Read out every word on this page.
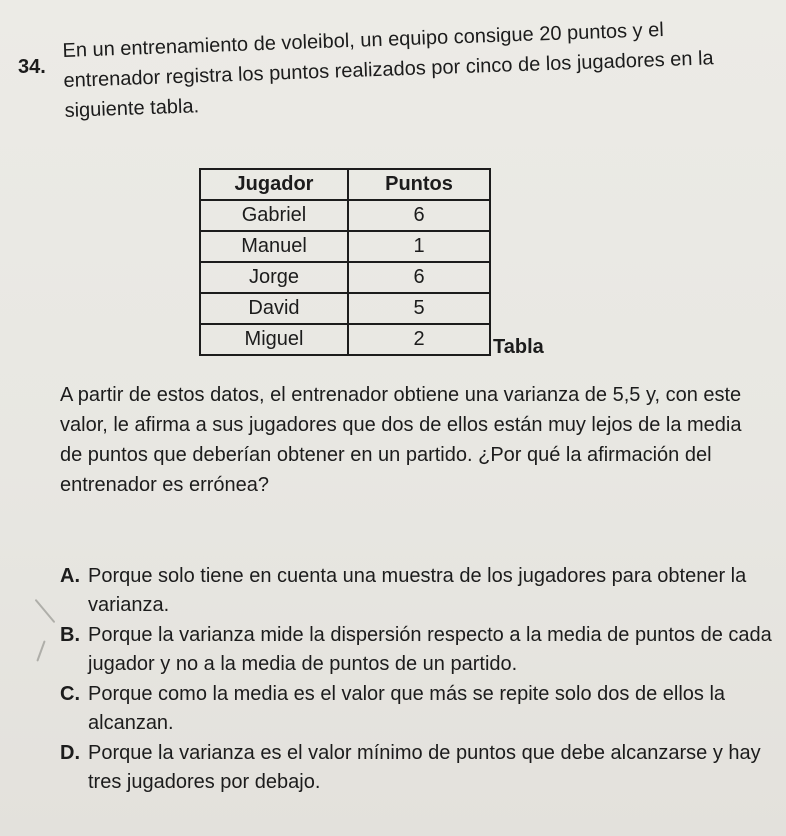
34.

En un entrenamiento de voleibol, un equipo consigue 20 puntos y el entrenador registra los puntos realizados por cinco de los jugadores en la siguiente tabla.

Jugador	Puntos
Gabriel	6
Manuel	1
Jorge	6
David	5
Miguel	2	Tabla

A partir de estos datos, el entrenador obtiene una varianza de 5,5 y, con este valor, le afirma a sus jugadores que dos de ellos están muy lejos de la media de puntos que deberían obtener en un partido. ¿Por qué la afirmación del entrenador es errónea?

A. Porque solo tiene en cuenta una muestra de los jugadores para obtener la varianza.
B. Porque la varianza mide la dispersión respecto a la media de puntos de cada jugador y no a la media de puntos de un partido.
C. Porque como la media es el valor que más se repite solo dos de ellos la alcanzan.
D. Porque la varianza es el valor mínimo de puntos que debe alcanzarse y hay tres jugadores por debajo.
